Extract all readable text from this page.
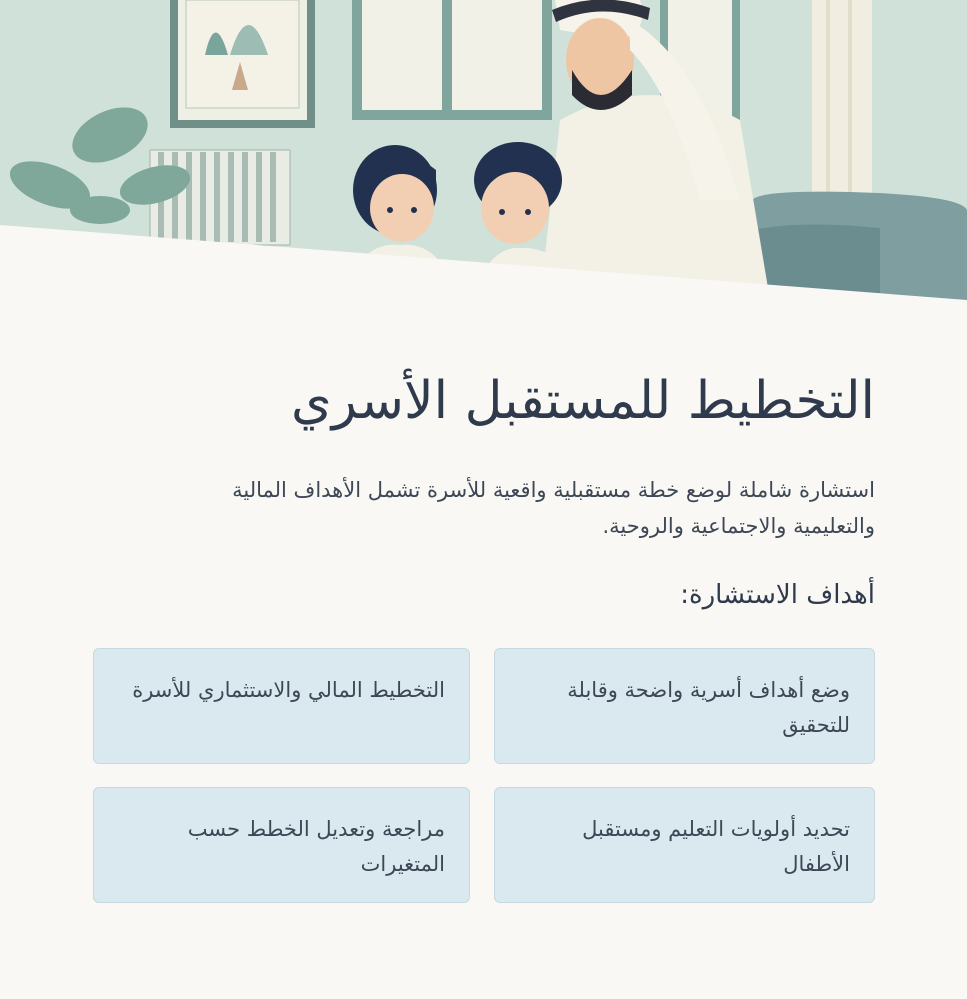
التخطيط للمستقبل الأسري

استشارة شاملة لوضع خطة مستقبلية واقعية للأسرة تشمل الأهداف المالية والتعليمية والاجتماعية والروحية.

أهداف الاستشارة:
وضع أهداف أسرية واضحة وقابلة للتحقيق
التخطيط المالي والاستثماري للأسرة
تحديد أولويات التعليم ومستقبل الأطفال
مراجعة وتعديل الخطط حسب المتغيرات
